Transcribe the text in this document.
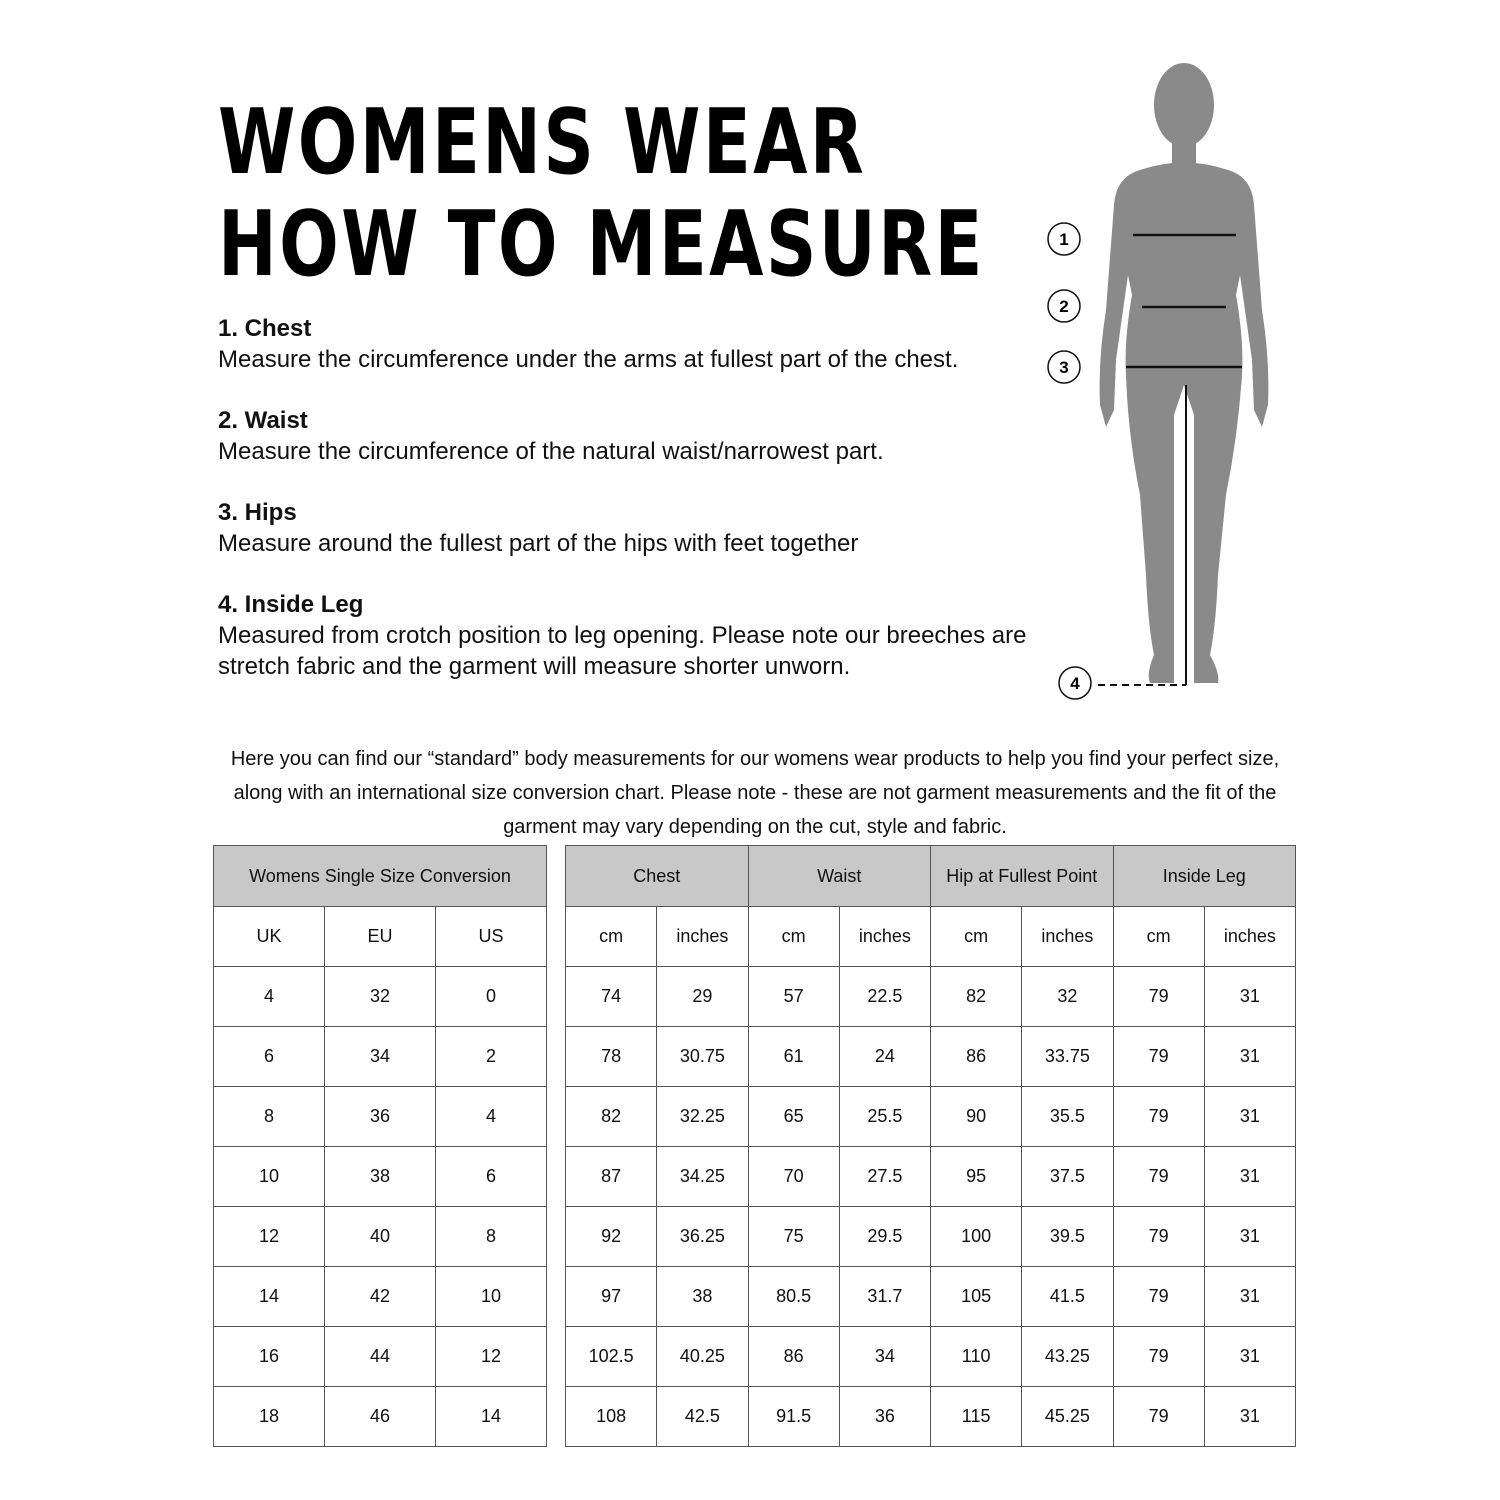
WOMENS WEAR
HOW TO MEASURE
1. Chest
Measure the circumference under the arms at fullest part of the chest.
2. Waist
Measure the circumference of the natural waist/narrowest part.
3. Hips
Measure around the fullest part of the hips with feet together
4. Inside Leg
Measured from crotch position to leg opening. Please note our breeches are stretch fabric and the garment will measure shorter unworn.
1
2
3
4

Here you can find our “standard” body measurements for our womens wear products to help you find your perfect size, along with an international size conversion chart. Please note - these are not garment measurements and the fit of the garment may vary depending on the cut, style and fabric.

Womens Single Size Conversion		
UK	EU	US
4	32	0
6	34	2
8	36	4
10	38	6
12	40	8
14	42	10
16	44	12
18	46	14
Chest		Waist		Hip at Fullest Point		Inside Leg	
cm	inches	cm	inches	cm	inches	cm	inches
74	29	57	22.5	82	32	79	31
78	30.75	61	24	86	33.75	79	31
82	32.25	65	25.5	90	35.5	79	31
87	34.25	70	27.5	95	37.5	79	31
92	36.25	75	29.5	100	39.5	79	31
97	38	80.5	31.7	105	41.5	79	31
102.5	40.25	86	34	110	43.25	79	31
108	42.5	91.5	36	115	45.25	79	31
